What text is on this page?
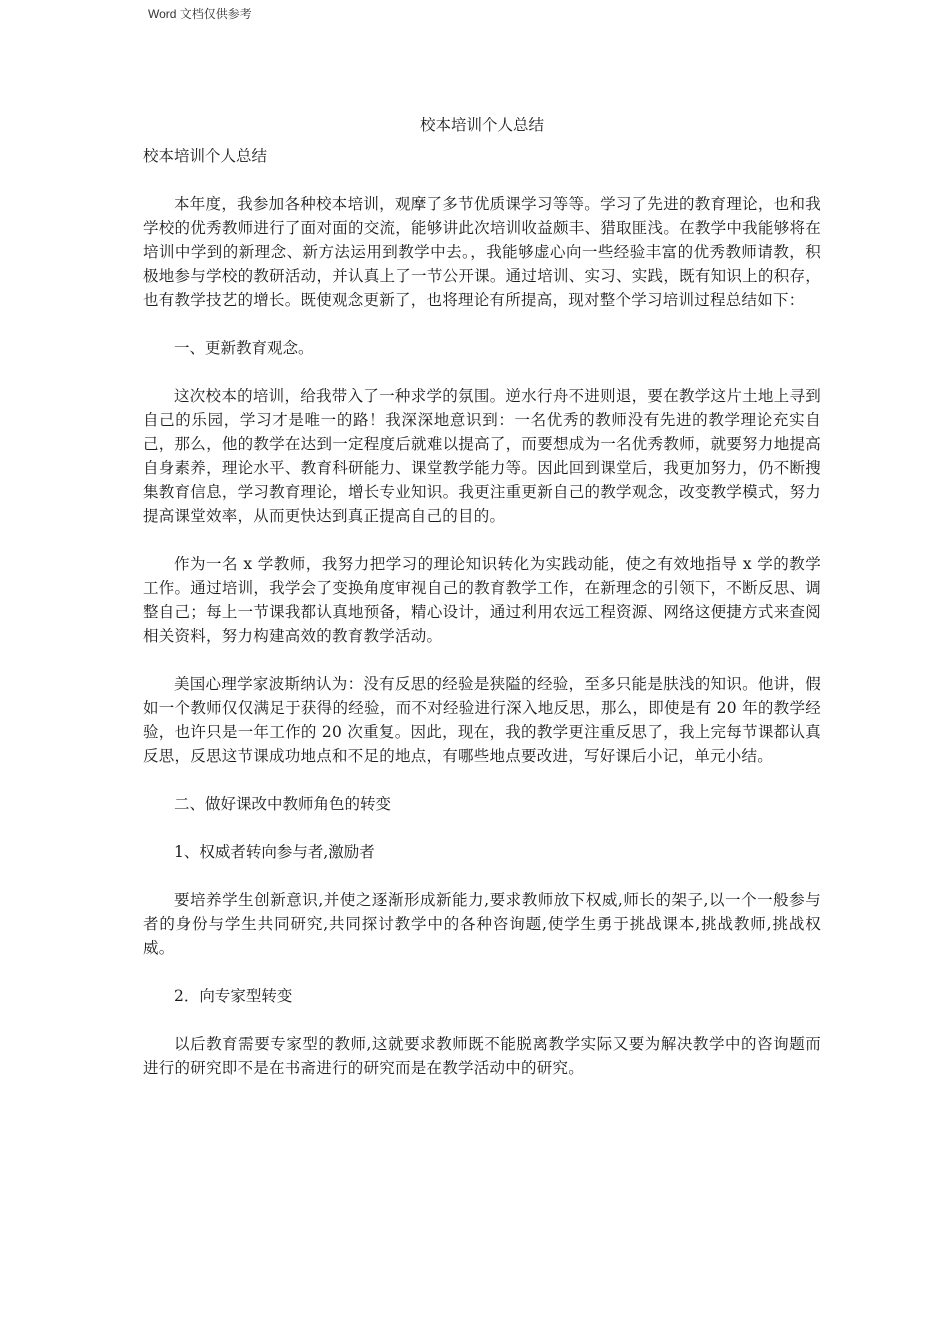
Word 文档仅供参考
校本培训个人总结
校本培训个人总结

本年度，我参加各种校本培训，观摩了多节优质课学习等等。学习了先进的教育理论，也和我学校的优秀教师进行了面对面的交流，能够讲此次培训收益颇丰、猎取匪浅。在教学中我能够将在培训中学到的新理念、新方法运用到教学中去。，我能够虚心向一些经验丰富的优秀教师请教，积极地参与学校的教研活动，并认真上了一节公开课。通过培训、实习、实践，既有知识上的积存，也有教学技艺的增长。既使观念更新了，也将理论有所提高，现对整个学习培训过程总结如下：

一、更新教育观念。

这次校本的培训，给我带入了一种求学的氛围。逆水行舟不进则退，要在教学这片土地上寻到自己的乐园，学习才是唯一的路！我深深地意识到：一名优秀的教师没有先进的教学理论充实自己，那么，他的教学在达到一定程度后就难以提高了，而要想成为一名优秀教师，就要努力地提高自身素养，理论水平、教育科研能力、课堂教学能力等。因此回到课堂后，我更加努力，仍不断搜集教育信息，学习教育理论，增长专业知识。我更注重更新自己的教学观念，改变教学模式，努力提高课堂效率，从而更快达到真正提高自己的目的。

作为一名 x 学教师，我努力把学习的理论知识转化为实践动能，使之有效地指导 x 学的教学工作。通过培训，我学会了变换角度审视自己的教育教学工作，在新理念的引领下，不断反思、调整自己；每上一节课我都认真地预备，精心设计，通过利用农远工程资源、网络这便捷方式来查阅相关资料，努力构建高效的教育教学活动。

美国心理学家波斯纳认为：没有反思的经验是狭隘的经验，至多只能是肤浅的知识。他讲，假如一个教师仅仅满足于获得的经验，而不对经验进行深入地反思，那么，即使是有 20 年的教学经验，也许只是一年工作的 20 次重复。因此，现在，我的教学更注重反思了，我上完每节课都认真反思，反思这节课成功地点和不足的地点，有哪些地点要改进，写好课后小记，单元小结。

二、做好课改中教师角色的转变

1、权威者转向参与者,激励者

要培养学生创新意识,并使之逐渐形成新能力,要求教师放下权威,师长的架子,以一个一般参与者的身份与学生共同研究,共同探讨教学中的各种咨询题,使学生勇于挑战课本,挑战教师,挑战权威。

2．向专家型转变

以后教育需要专家型的教师,这就要求教师既不能脱离教学实际又要为解决教学中的咨询题而进行的研究即不是在书斋进行的研究而是在教学活动中的研究。
